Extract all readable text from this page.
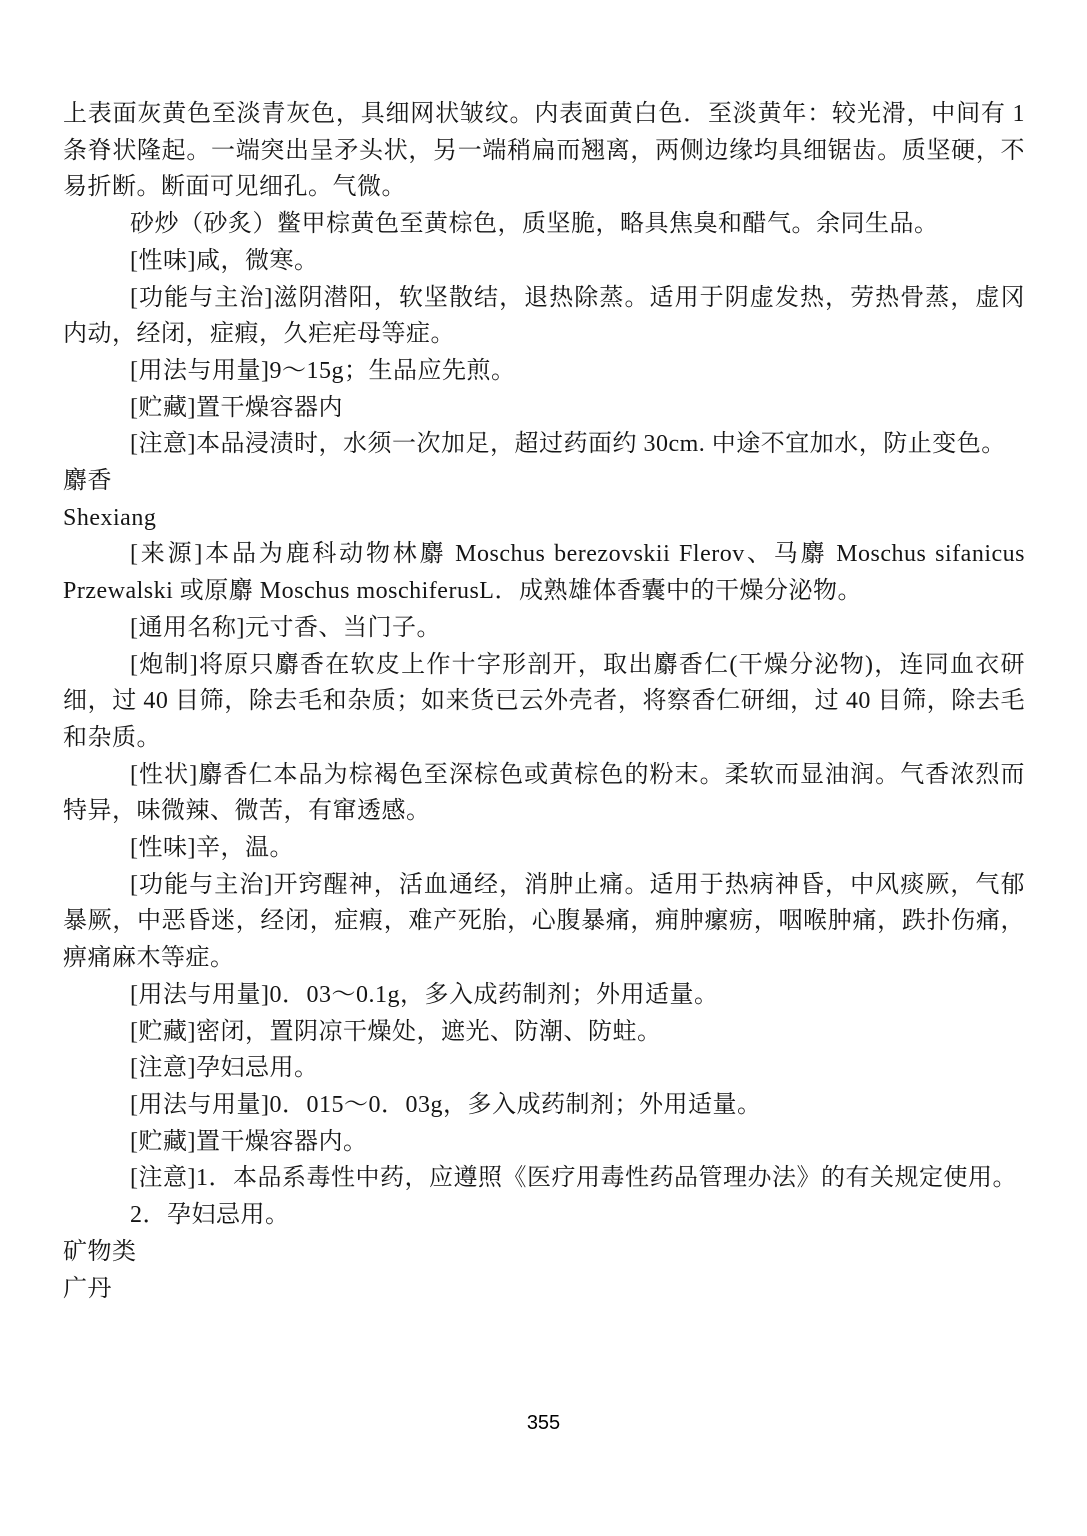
上表面灰黄色至淡青灰色，具细网状皱纹。内表面黄白色．至淡黄年：较光滑，中间有 1 条脊状隆起。一端突出呈矛头状，另一端稍扁而翘离，两侧边缘均具细锯齿。质坚硬，不易折断。断面可见细孔。气微。

砂炒（砂炙）鳖甲棕黄色至黄棕色，质坚脆，略具焦臭和醋气。余同生品。

[性味]咸，微寒。

[功能与主治]滋阴潜阳，软坚散结，退热除蒸。适用于阴虚发热，劳热骨蒸，虚冈内动，经闭，症瘕，久疟疟母等症。

[用法与用量]9～15g；生品应先煎。

[贮藏]置干燥容器内

[注意]本品浸渍时，水须一次加足，超过药面约 30cm. 中途不宜加水，防止变色。

麝香

Shexiang

[来源]本品为鹿科动物林麝 Moschus berezovskii Flerov、马麝 Moschus sifanicus Przewalski 或原麝 Moschus moschiferusL．成熟雄体香囊中的干燥分泌物。

[通用名称]元寸香、当门子。

[炮制]将原只麝香在软皮上作十字形剖开，取出麝香仁(干燥分泌物)，连同血衣研细，过 40 目筛，除去毛和杂质；如来货已云外壳者，将察香仁研细，过 40 目筛，除去毛和杂质。

[性状]麝香仁本品为棕褐色至深棕色或黄棕色的粉末。柔软而显油润。气香浓烈而特异，味微辣、微苦，有窜透感。

[性味]辛，温。

[功能与主治]开窍醒神，活血通经，消肿止痛。适用于热病神昏，中风痰厥，气郁暴厥，中恶昏迷，经闭，症瘕，难产死胎，心腹暴痛，痈肿瘰疬，咽喉肿痛，跌扑伤痛，痹痛麻木等症。

[用法与用量]0．03～0.1g，多入成药制剂；外用适量。

[贮藏]密闭，置阴凉干燥处，遮光、防潮、防蛀。

[注意]孕妇忌用。

[用法与用量]0．015～0．03g，多入成药制剂；外用适量。

[贮藏]置干燥容器内。

[注意]1．本品系毒性中药，应遵照《医疗用毒性药品管理办法》的有关规定使用。

2．孕妇忌用。

矿物类

广丹

355
